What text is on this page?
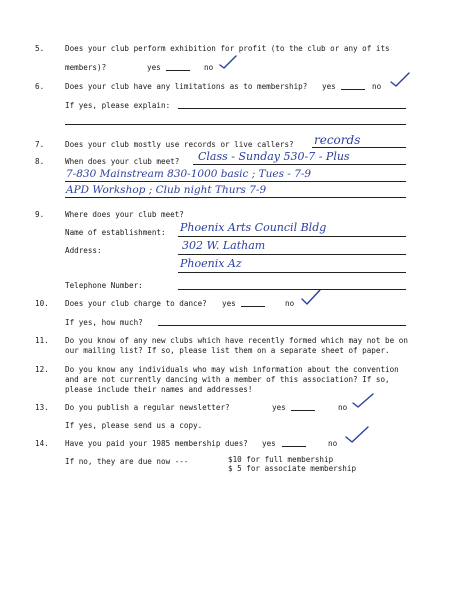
5.	Does your club perform exhibition for profit (to the club or any of its
members)?	yes	no
6.	Does your club have any limitations as to membership? yes	no
If yes, please explain:
7.	Does your club mostly use records or live callers? records
8.	When does your club meet? Class - Sunday 530-7 - Plus
7-830 Mainstream 830-1000 basic ; Tues - 7-9
APD Workshop ; Club night Thurs 7-9
9.	Where does your club meet?
Name of establishment: Phoenix Arts Council Bldg
Address:	302 W. Latham
Phoenix Az
Telephone Number:
10. Does your club charge to dance? yes	no
If yes, how much?
11. Do you know of any new clubs which have recently formed which may not be on
our mailing list? If so, please list them on a separate sheet of paper.
12. Do you know any individuals who may wish information about the convention
and are not currently dancing with a member of this association? If so,
please include their names and addresses!
13. Do you publish a regular newsletter?	yes	no
If yes, please send us a copy.
14. Have you paid your 1985 membership dues? yes	no
If no, they are due now ---	$10 for full membership
$ 5 for associate membership
